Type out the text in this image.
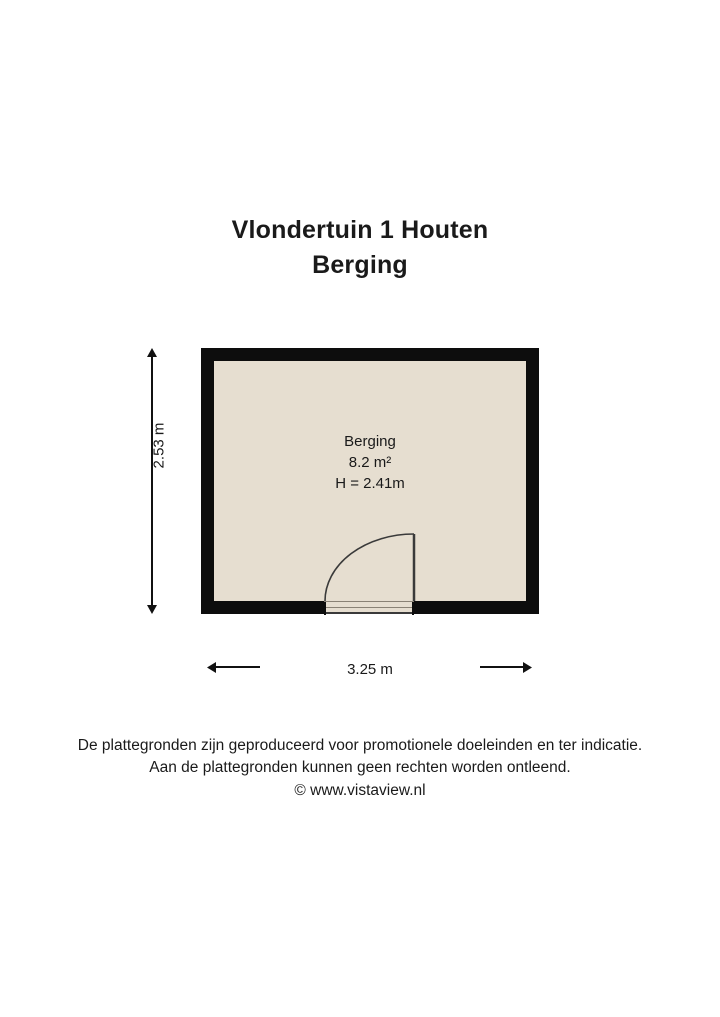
Vlondertuin 1 Houten
Berging
Berging
8.2 m²
H = 2.41m
2.53 m
3.25 m
De plattegronden zijn geproduceerd voor promotionele doeleinden en ter indicatie.
Aan de plattegronden kunnen geen rechten worden ontleend.
© www.vistaview.nl
